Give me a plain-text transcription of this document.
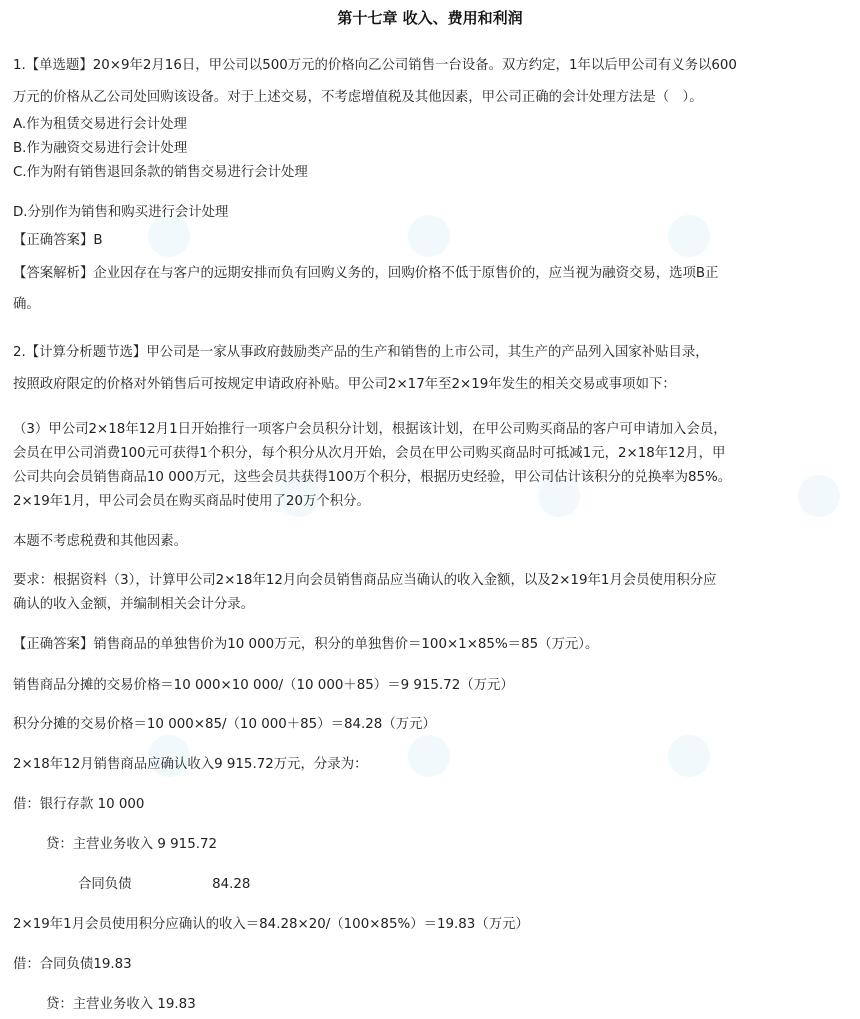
第十七章 收入、费用和利润
1.【单选题】20×9年2月16日，甲公司以500万元的价格向乙公司销售一台设备。双方约定，1年以后甲公司有义务以600
万元的价格从乙公司处回购该设备。对于上述交易，不考虑增值税及其他因素，甲公司正确的会计处理方法是（　）。
A.作为租赁交易进行会计处理
B.作为融资交易进行会计处理
C.作为附有销售退回条款的销售交易进行会计处理
D.分别作为销售和购买进行会计处理
【正确答案】B
【答案解析】企业因存在与客户的远期安排而负有回购义务的，回购价格不低于原售价的，应当视为融资交易，选项B正
确。
2.【计算分析题节选】甲公司是一家从事政府鼓励类产品的生产和销售的上市公司，其生产的产品列入国家补贴目录，
按照政府限定的价格对外销售后可按规定申请政府补贴。甲公司2×17年至2×19年发生的相关交易或事项如下：
（3）甲公司2×18年12月1日开始推行一项客户会员积分计划，根据该计划，在甲公司购买商品的客户可申请加入会员，
会员在甲公司消费100元可获得1个积分，每个积分从次月开始，会员在甲公司购买商品时可抵减1元，2×18年12月，甲
公司共向会员销售商品10 000万元，这些会员共获得100万个积分，根据历史经验，甲公司估计该积分的兑换率为85%。
2×19年1月，甲公司会员在购买商品时使用了20万个积分。
本题不考虑税费和其他因素。
要求：根据资料（3），计算甲公司2×18年12月向会员销售商品应当确认的收入金额，以及2×19年1月会员使用积分应
确认的收入金额，并编制相关会计分录。
【正确答案】销售商品的单独售价为10 000万元，积分的单独售价＝100×1×85%＝85（万元）。
销售商品分摊的交易价格＝10 000×10 000/（10 000＋85）＝9 915.72（万元）
积分分摊的交易价格＝10 000×85/（10 000＋85）＝84.28（万元）
2×18年12月销售商品应确认收入9 915.72万元，分录为：
借：银行存款 10 000
贷：主营业务收入 9 915.72
合同负债	84.28
2×19年1月会员使用积分应确认的收入＝84.28×20/（100×85%）＝19.83（万元）
借：合同负债19.83
贷：主营业务收入 19.83
